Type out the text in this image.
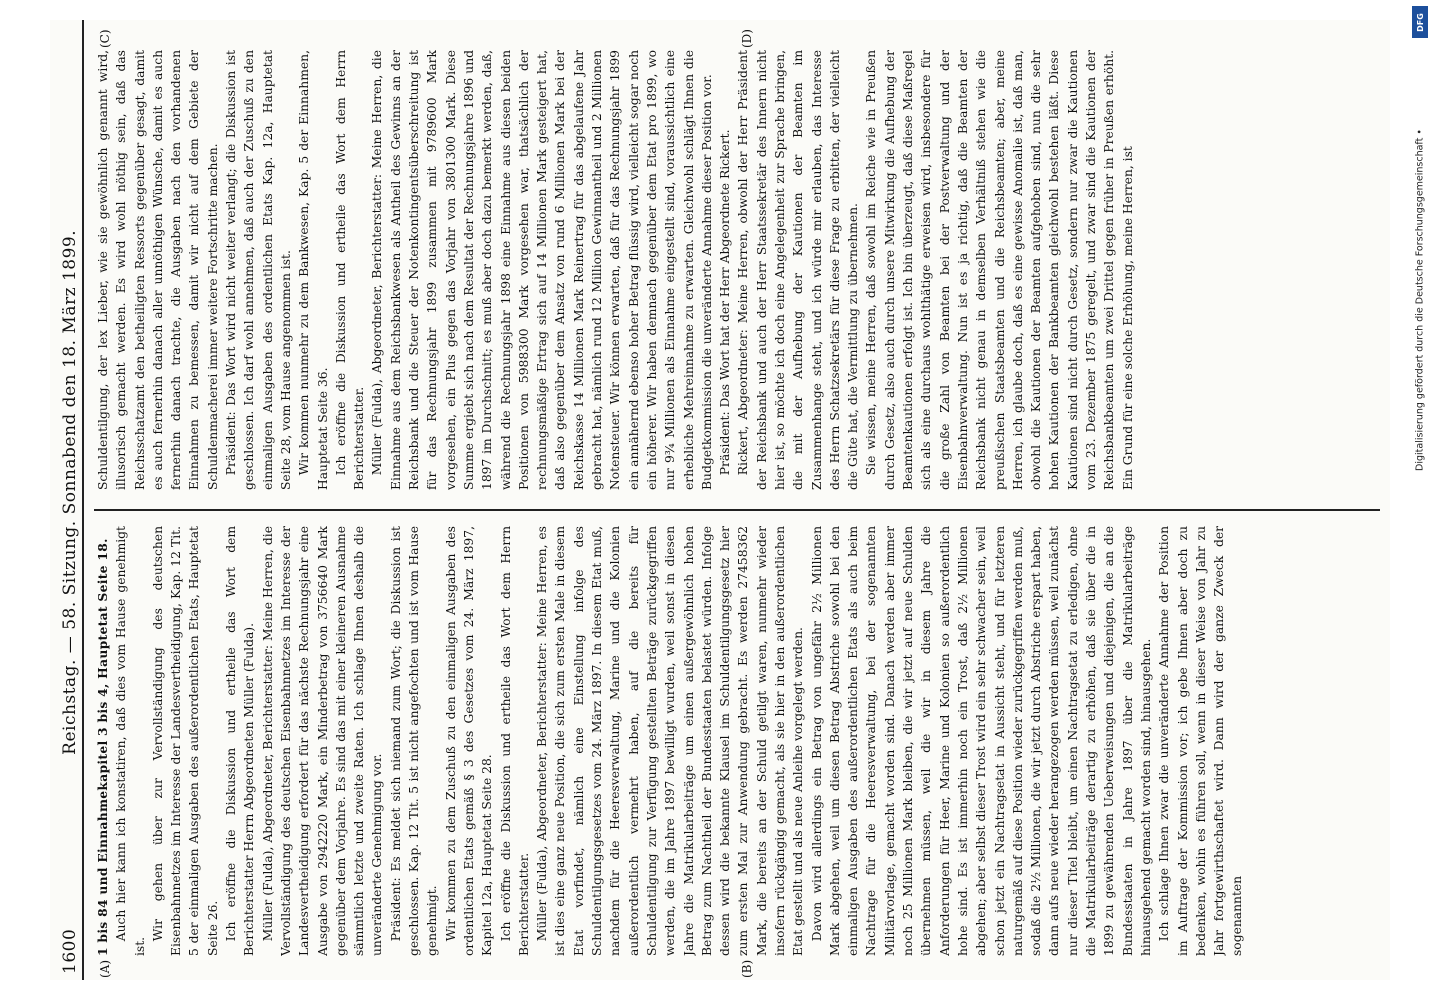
1600
Reichstag. — 58. Sitzung. Sonnabend den 18. März 1899. 1 bis 84 und Einnahmekapitel 3 bis 4, Hauptetat Seite 18. Auch hier kann ich konstatiren, daß dies vom Hause genehmigt ist.

Wir gehen über zur Vervollständigung des deutschen Eisenbahnnetzes im Interesse der Landesvertheidigung, Kap. 12 Tit. 5 der einmaligen Ausgaben des außerordentlichen Etats, Hauptetat Seite 26. Ich eröffne die Diskussion und ertheile das Wort dem Berichterstatter Herrn Abgeordneten Müller (Fulda). Müller (Fulda), Abgeordneter, Berichterstatter: Meine Herren, die Vervollständigung des deutschen Eisenbahnnetzes im Interesse der Landesvertheidigung erfordert für das nächste Rechnungsjahr eine Ausgabe von 2942220 Mark, ein Minderbetrag von 3756640 Mark gegenüber dem Vorjahre. Es sind das mit einer kleineren Ausnahme sämmtlich letzte und zweite Raten. Ich schlage Ihnen deshalb die unveränderte Genehmigung vor. Präsident: Es meldet sich niemand zum Wort; die Diskussion ist geschlossen. Kap. 12 Tit. 5 ist nicht angefochten und ist vom Hause genehmigt. Wir kommen zu dem Zuschuß zu den einmaligen Ausgaben des ordentlichen Etats gemäß § 3 des Gesetzes vom 24. März 1897, Kapitel 12a, Hauptetat Seite 28. Ich eröffne die Diskussion und ertheile das Wort dem Herrn Berichterstatter. Müller (Fulda), Abgeordneter, Berichterstatter: Meine Herren, es ist dies eine ganz neue Position, die sich zum ersten Male in diesem Etat vorfindet, nämlich eine Einstellung infolge des Schuldentilgungsgesetzes vom 24. März 1897. In diesem Etat muß, nachdem für die Heeresverwaltung, Marine und die Kolonien außerordentlich vermehrt haben, auf die bereits für Schuldentilgung zur Verfügung gestellten Beträge zurückgegriffen werden, die im Jahre 1897 bewilligt wurden, weil sonst in diesen Jahre die Matrikularbeiträge um einen außergewöhnlich hohen Betrag zum Nachtheil der Bundesstaaten belastet würden. Infolge dessen wird die bekannte Klausel im Schuldentilgungsgesetz hier zum ersten Mal zur Anwendung gebracht. Es werden 27458362 Mark, die bereits an der Schuld getilgt waren, nunmehr wieder insofern rückgängig gemacht, als sie hier in den außerordentlichen Etat gestellt und als neue Anleihe vorgelegt werden. Davon wird allerdings ein Betrag von ungefähr 2½ Millionen Mark abgehen, weil um diesen Betrag Abstriche sowohl bei den einmaligen Ausgaben des außerordentlichen Etats als auch beim Nachtrage für die Heeresverwaltung, bei der sogenannten Militärvorlage, gemacht worden sind. Danach werden aber immer noch 25 Millionen Mark bleiben, die wir jetzt auf neue Schulden übernehmen müssen, weil die wir in diesem Jahre die Anforderungen für Heer, Marine und Kolonien so außerordentlich hohe sind. Es ist immerhin noch ein Trost, daß 2½ Millionen abgehen; aber selbst dieser Trost wird ein sehr schwacher sein, weil schon jetzt ein Nachtragsetat in Aussicht steht, und für letzteren naturgemäß auf diese Position wieder zurückgegriffen werden muß, sodaß die 2½ Millionen, die wir jetzt durch Abstriche erspart haben, dann aufs neue wieder herangezogen werden müssen, weil zunächst nur dieser Titel bleibt, um einen Nachtragsetat zu erledigen, ohne die Matrikularbeiträge derartig zu erhöhen, daß sie über die in 1899 zu gewährenden Ueberweisungen und diejenigen, die an die Bundesstaaten in Jahre 1897 über die Matrikularbeiträge hinausgehend gemacht worden sind, hinausgehen. Ich schlage Ihnen zwar die unveränderte Annahme der Position im Auftrage der Kommission vor; ich gebe Ihnen aber doch zu bedenken, wohin es führen soll, wenn in dieser Weise von Jahr zu Jahr fortgewirthschaftet wird. Dann wird der ganze Zweck der sogenannten

Schuldentilgung, der lex Lieber, wie sie gewöhnlich genannt wird, illusorisch gemacht werden. Es wird wohl nöthig sein, daß das Reichsschatzamt den betheiligten Ressorts gegenüber gesagt, damit es auch fernerhin danach aller unnöthigen Wünsche, damit es auch fernerhin danach trachte, die Ausgaben nach den vorhandenen Einnahmen zu bemessen, damit wir nicht auf dem Gebiete der Schuldenmacherei immer weitere Fortschritte machen. Präsident: Das Wort wird nicht weiter verlangt; die Diskussion ist geschlossen. Ich darf wohl annehmen, daß auch der Zuschuß zu den einmaligen Ausgaben des ordentlichen Etats Kap. 12a, Hauptetat Seite 28, vom Hause angenommen ist. Wir kommen nunmehr zu dem Bankwesen, Kap. 5 der Einnahmen, Hauptetat Seite 36. Ich eröffne die Diskussion und ertheile das Wort dem Herrn Berichterstatter. Müller (Fulda), Abgeordneter, Berichterstatter: Meine Herren, die Einnahme aus dem Reichsbankwesen als Antheil des Gewinns an der Reichsbank und die Steuer der Notenkontingentsüberschreitung ist für das Rechnungsjahr 1899 zusammen mit 9789600 Mark vorgesehen, ein Plus gegen das Vorjahr von 3801300 Mark. Diese Summe ergiebt sich nach dem Resultat der Rechnungsjahre 1896 und 1897 im Durchschnitt; es muß aber doch dazu bemerkt werden, daß, während die Rechnungsjahr 1898 eine Einnahme aus diesen beiden Positionen von 5988300 Mark vorgesehen war, thatsächlich der rechnungsmäßige Ertrag sich auf 14 Millionen Mark gesteigert hat, daß also gegenüber dem Ansatz von rund 6 Millionen Mark bei der Reichskasse 14 Millionen Mark Reinertrag für das abgelaufene Jahr gebracht hat, nämlich rund 12 Million Gewinnantheil und 2 Millionen Notensteuer. Wir können erwarten, daß für das Rechnungsjahr 1899 ein annähernd ebenso hoher Betrag flüssig wird, vielleicht sogar noch ein höherer. Wir haben demnach gegenüber dem Etat pro 1899, wo nur 9¾ Millionen als Einnahme eingestellt sind, voraussichtlich eine erhebliche Mehreinnahme zu erwarten. Gleichwohl schlägt Ihnen die Budgetkommission die unveränderte Annahme dieser Position vor. Präsident: Das Wort hat der Herr Abgeordnete Rickert. Rickert, Abgeordneter: Meine Herren, obwohl der Herr Präsident der Reichsbank und auch der Herr Staatssekretär des Innern nicht hier ist, so möchte ich doch eine Angelegenheit zur Sprache bringen, die mit der Aufhebung der Kautionen der Beamten im Zusammenhange steht, und ich würde mir erlauben, das Interesse des Herrn Schatzsekretärs für diese Frage zu erbitten, der vielleicht die Güte hat, die Vermittlung zu übernehmen. Sie wissen, meine Herren, daß sowohl im Reiche wie in Preußen durch Gesetz, also auch durch unsere Mitwirkung die Aufhebung der Beamtenkautionen erfolgt ist. Ich bin überzeugt, daß diese Maßregel sich als eine durchaus wohlthätige erweisen wird, insbesondere für die große Zahl von Beamten bei der Postverwaltung und der Eisenbahnverwaltung. Nun ist es ja richtig, daß die Beamten der Reichsbank nicht genau in demselben Verhältniß stehen wie die preußischen Staatsbeamten und die Reichsbeamten; aber, meine Herren, ich glaube doch, daß es eine gewisse Anomalie ist, daß man, obwohl die Kautionen der Beamten aufgehoben sind, nun die sehr hohen Kautionen der Bankbeamten gleichwohl bestehen läßt. Diese Kautionen sind nicht durch Gesetz, sondern nur zwar die Kautionen vom 23. Dezember 1875 geregelt, und zwar sind die Kautionen der Reichsbankbeamten um zwei Drittel gegen früher in Preußen erhöht. Ein Grund für eine solche Erhöhung, meine Herren, ist

(A)	(B)
(C)	(D)
DFG
Digitalisierung gefördert durch die Deutsche Forschungsgemeinschaft •
